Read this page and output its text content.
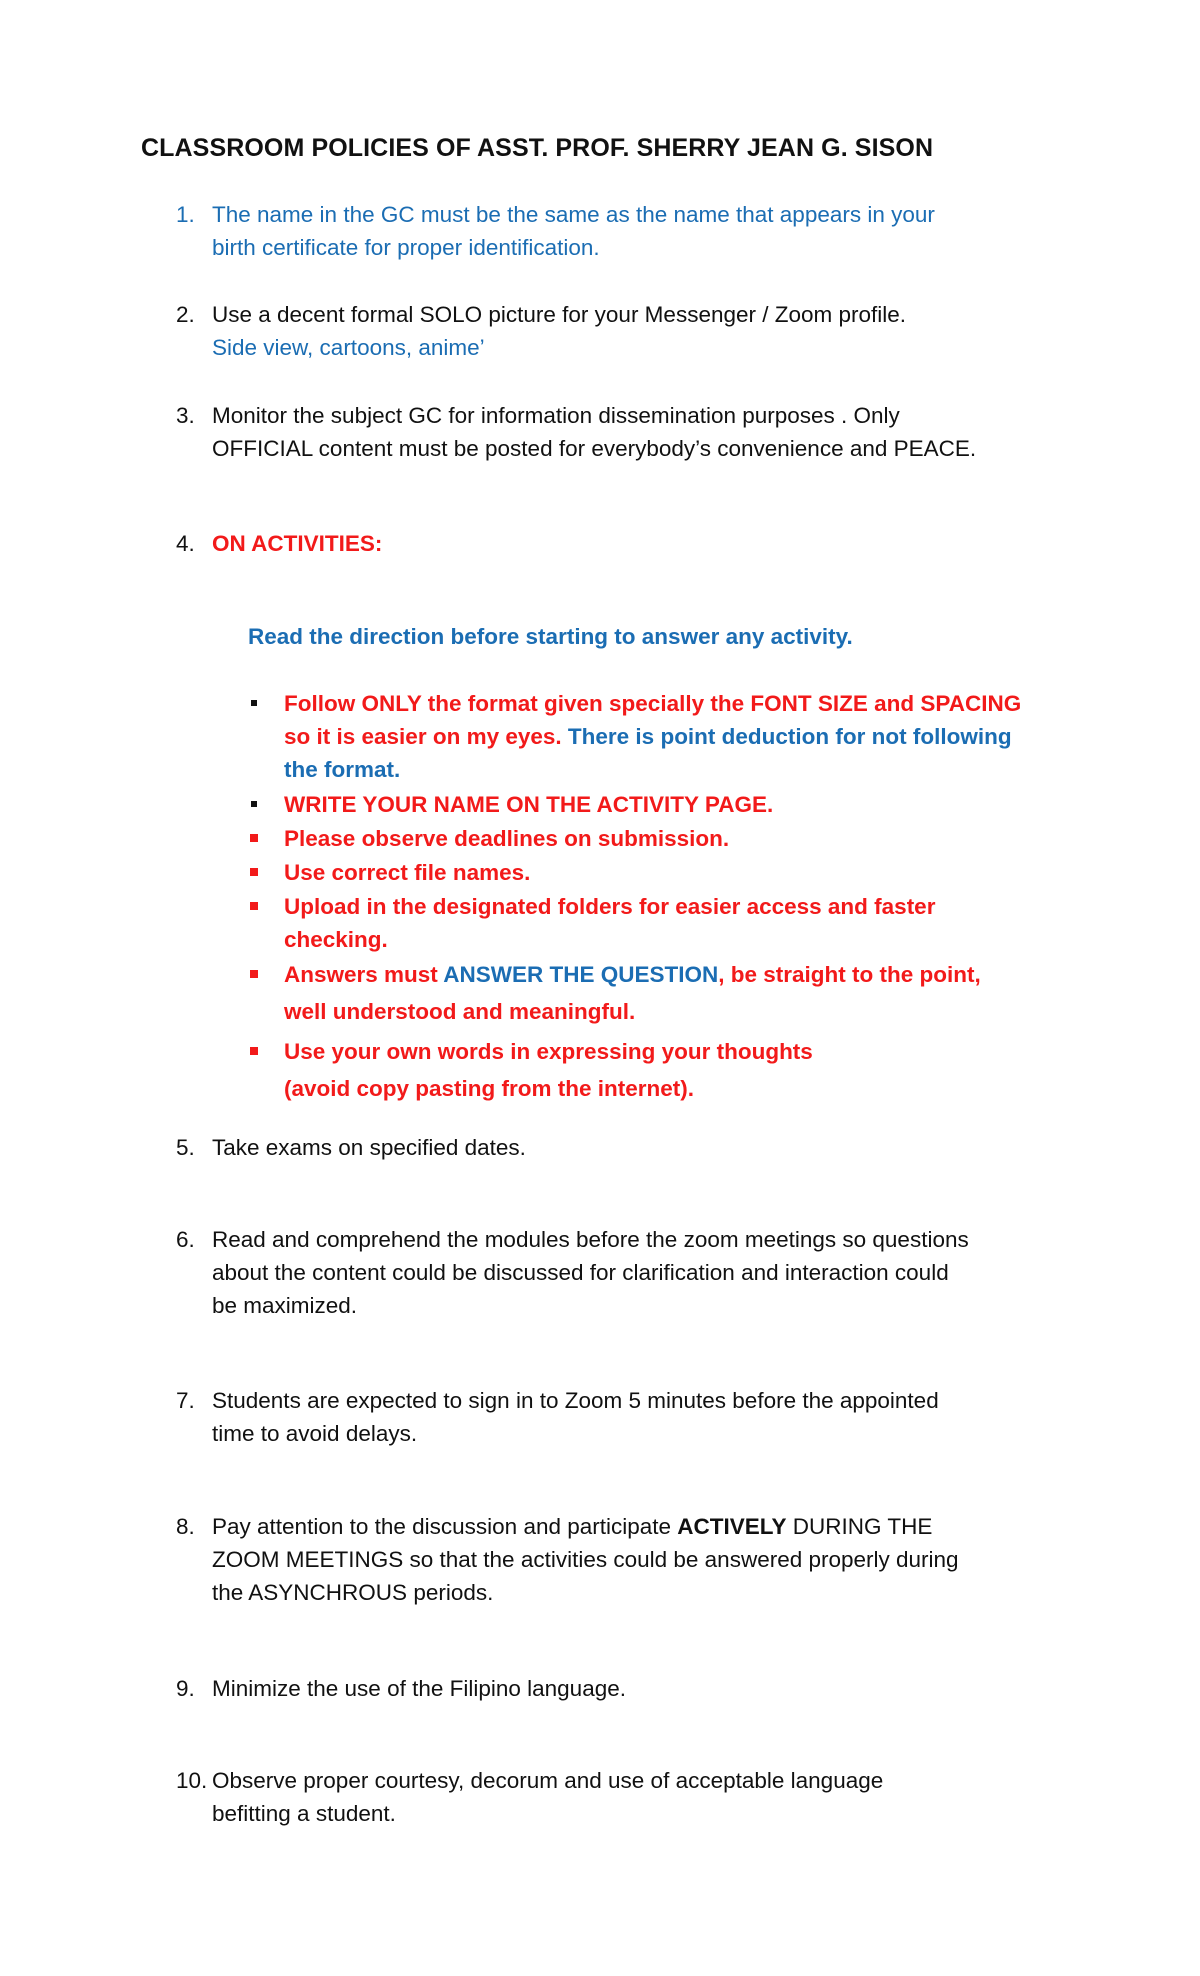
CLASSROOM POLICIES OF ASST. PROF. SHERRY JEAN G. SISON
1. The name in the GC must be the same as the name that appears in your
birth certificate for proper identification.
2. Use a decent formal SOLO picture for your Messenger / Zoom profile.
Side view, cartoons, anime’
3. Monitor the subject GC for information dissemination purposes . Only
OFFICIAL content must be posted for everybody’s convenience and PEACE.
4. ON ACTIVITIES:
Read the direction before starting to answer any activity.
Follow ONLY the format given specially the FONT SIZE and SPACING
so it is easier on my eyes. There is point deduction for not following
the format.
WRITE YOUR NAME ON THE ACTIVITY PAGE.
Please observe deadlines on submission.
Use correct file names.
Upload in the designated folders for easier access and faster
checking.
Answers must ANSWER THE QUESTION, be straight to the point,
well understood and meaningful.
Use your own words in expressing your thoughts
(avoid copy pasting from the internet).
5. Take exams on specified dates.
6. Read and comprehend the modules before the zoom meetings so questions
about the content could be discussed for clarification and interaction could
be maximized.
7. Students are expected to sign in to Zoom 5 minutes before the appointed
time to avoid delays.
8. Pay attention to the discussion and participate ACTIVELY DURING THE
ZOOM MEETINGS so that the activities could be answered properly during
the ASYNCHROUS periods.
9. Minimize the use of the Filipino language.
10. Observe proper courtesy, decorum and use of acceptable language
befitting a student.
